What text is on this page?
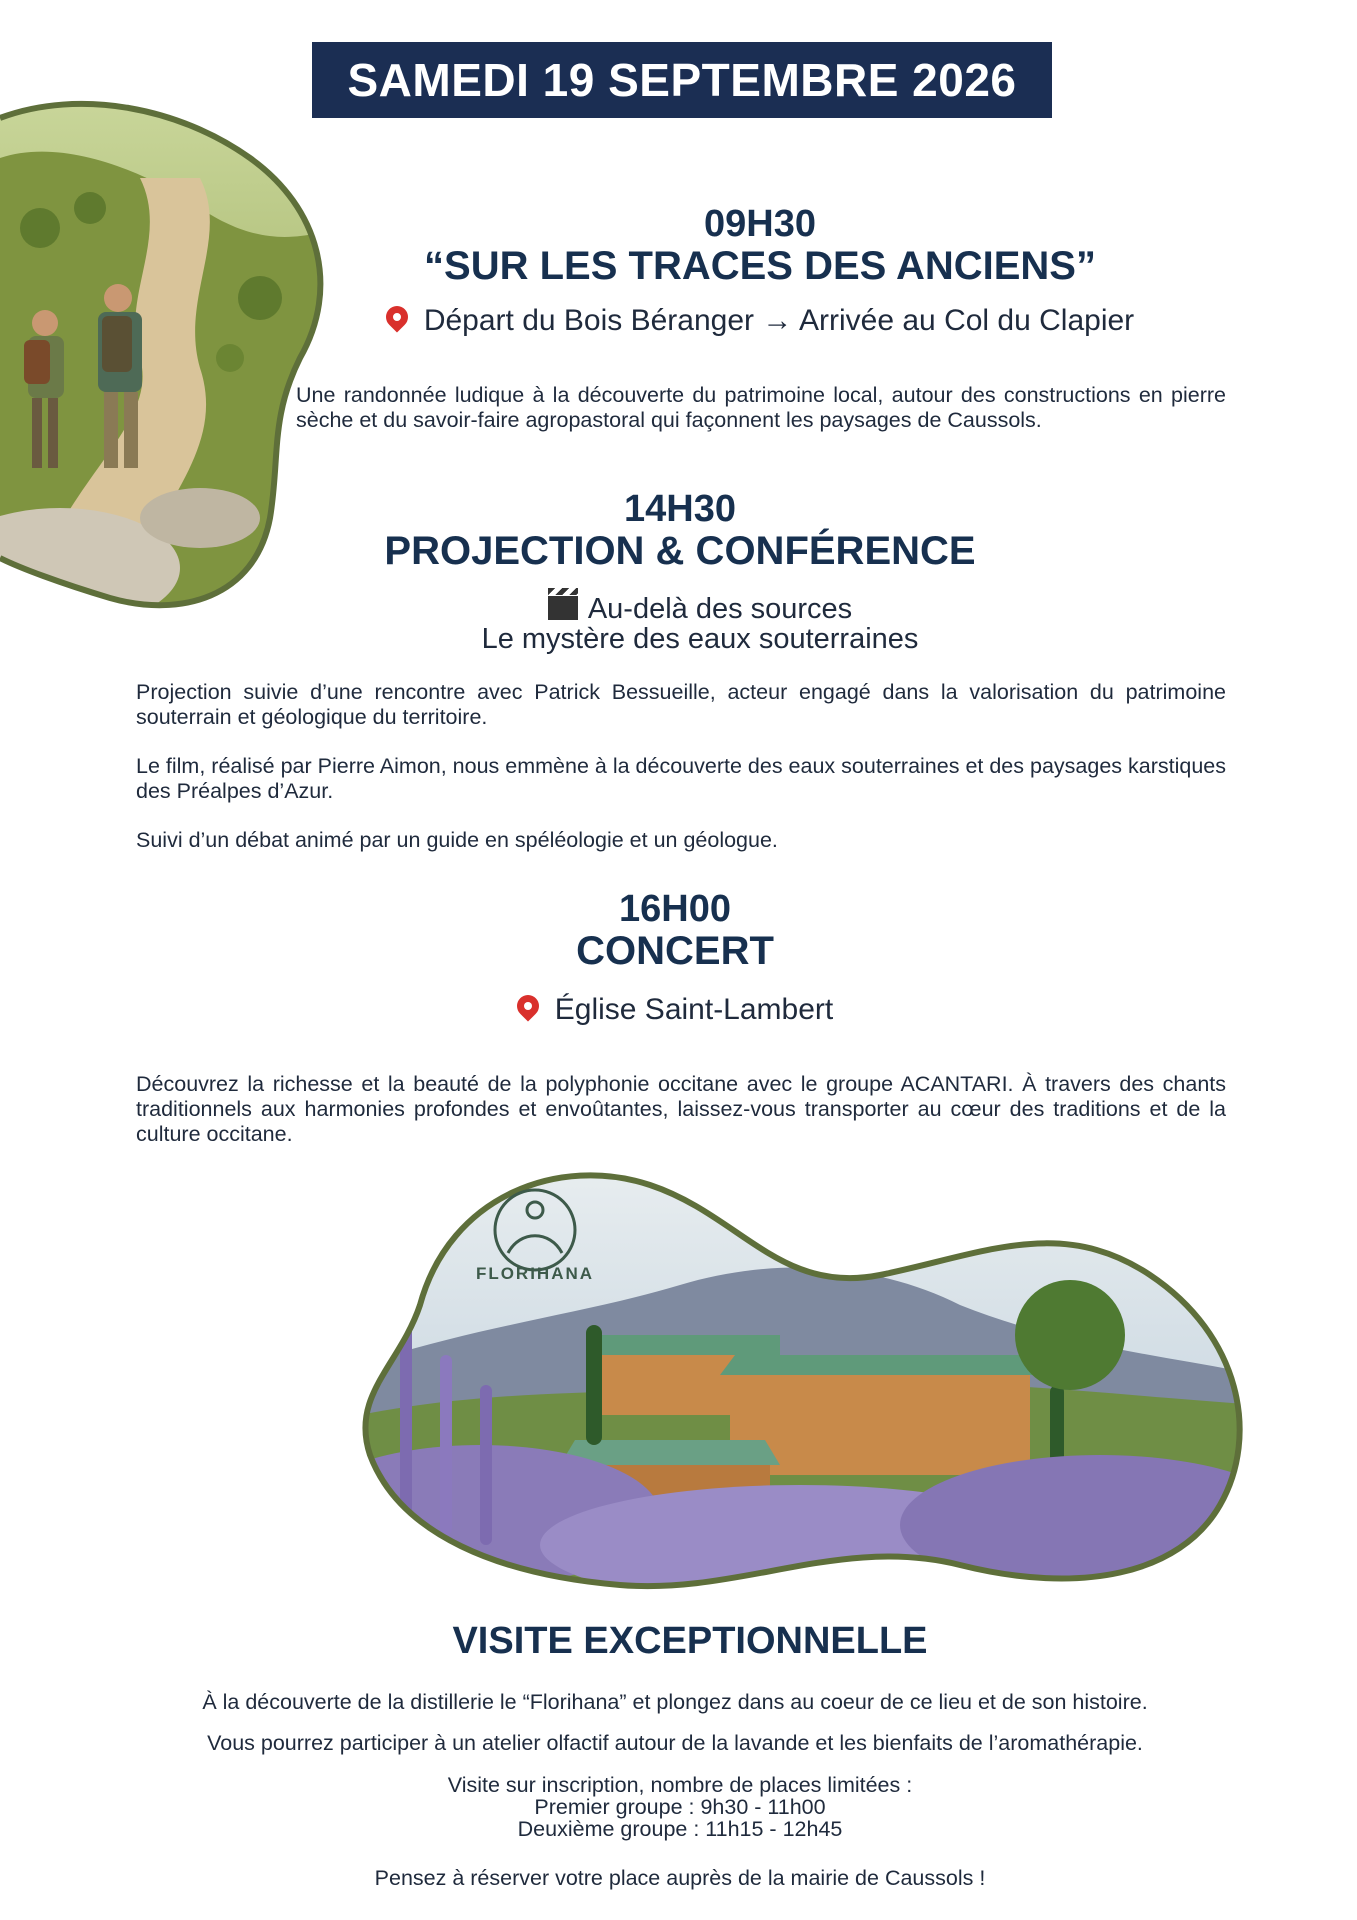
SAMEDI 19 SEPTEMBRE 2026
09H30
“SUR LES TRACES DES ANCIENS”
Départ du Bois Béranger → Arrivée au Col du Clapier
Une randonnée ludique à la découverte du patrimoine local, autour des constructions en pierre sèche et du savoir-faire agropastoral qui façonnent les paysages de Caussols.
14H30
PROJECTION & CONFÉRENCE
Au-delà des sources
Le mystère des eaux souterraines

Projection suivie d’une rencontre avec Patrick Bessueille, acteur engagé dans la valorisation du patrimoine souterrain et géologique du territoire.

Le film, réalisé par Pierre Aimon, nous emmène à la découverte des eaux souterraines et des paysages karstiques des Préalpes d’Azur.

Suivi d’un débat animé par un guide en spéléologie et un géologue.

16H00
CONCERT
Église Saint-Lambert
Découvrez la richesse et la beauté de la polyphonie occitane avec le groupe ACANTARI. À travers des chants traditionnels aux harmonies profondes et envoûtantes, laissez-vous transporter au cœur des traditions et de la culture occitane.
FLORIHANA
VISITE EXCEPTIONNELLE
À la découverte de la distillerie le “Florihana” et plongez dans au coeur de ce lieu et de son histoire.
Vous pourrez participer à un atelier olfactif autour de la lavande et les bienfaits de l’aromathérapie.
Visite sur inscription, nombre de places limitées :
Premier groupe : 9h30 - 11h00
Deuxième groupe : 11h15 - 12h45
Pensez à réserver votre place auprès de la mairie de Caussols !
